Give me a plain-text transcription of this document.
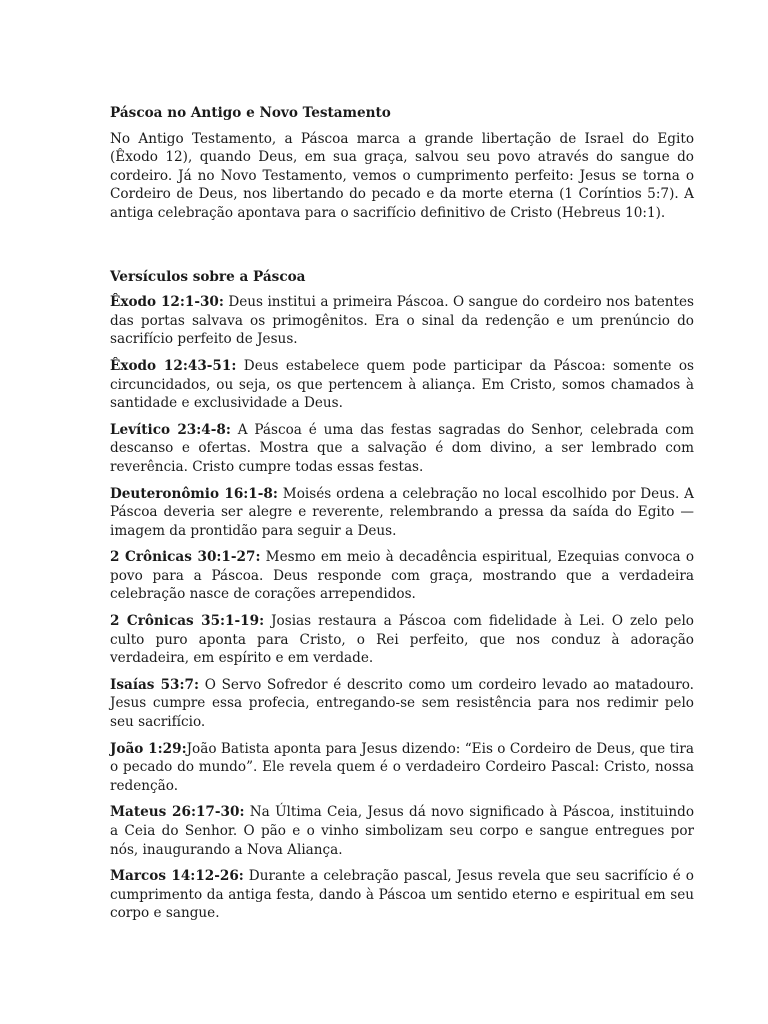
Páscoa no Antigo e Novo Testamento

No Antigo Testamento, a Páscoa marca a grande libertação de Israel do Egito (Êxodo 12), quando Deus, em sua graça, salvou seu povo através do sangue do cordeiro. Já no Novo Testamento, vemos o cumprimento perfeito: Jesus se torna o Cordeiro de Deus, nos libertando do pecado e da morte eterna (1 Coríntios 5:7). A antiga celebração apontava para o sacrifício definitivo de Cristo (Hebreus 10:1).

Versículos sobre a Páscoa

Êxodo 12:1-30: Deus institui a primeira Páscoa. O sangue do cordeiro nos batentes das portas salvava os primogênitos. Era o sinal da redenção e um prenúncio do sacrifício perfeito de Jesus.

Êxodo 12:43-51: Deus estabelece quem pode participar da Páscoa: somente os circuncidados, ou seja, os que pertencem à aliança. Em Cristo, somos chamados à santidade e exclusividade a Deus.

Levítico 23:4-8: A Páscoa é uma das festas sagradas do Senhor, celebrada com descanso e ofertas. Mostra que a salvação é dom divino, a ser lembrado com reverência. Cristo cumpre todas essas festas.

Deuteronômio 16:1-8: Moisés ordena a celebração no local escolhido por Deus. A Páscoa deveria ser alegre e reverente, relembrando a pressa da saída do Egito — imagem da prontidão para seguir a Deus.

2 Crônicas 30:1-27: Mesmo em meio à decadência espiritual, Ezequias convoca o povo para a Páscoa. Deus responde com graça, mostrando que a verdadeira celebração nasce de corações arrependidos.

2 Crônicas 35:1-19: Josias restaura a Páscoa com fidelidade à Lei. O zelo pelo culto puro aponta para Cristo, o Rei perfeito, que nos conduz à adoração verdadeira, em espírito e em verdade.

Isaías 53:7: O Servo Sofredor é descrito como um cordeiro levado ao matadouro. Jesus cumpre essa profecia, entregando-se sem resistência para nos redimir pelo seu sacrifício.

João 1:29:João Batista aponta para Jesus dizendo: “Eis o Cordeiro de Deus, que tira o pecado do mundo”. Ele revela quem é o verdadeiro Cordeiro Pascal: Cristo, nossa redenção.

Mateus 26:17-30: Na Última Ceia, Jesus dá novo significado à Páscoa, instituindo a Ceia do Senhor. O pão e o vinho simbolizam seu corpo e sangue entregues por nós, inaugurando a Nova Aliança.

Marcos 14:12-26: Durante a celebração pascal, Jesus revela que seu sacrifício é o cumprimento da antiga festa, dando à Páscoa um sentido eterno e espiritual em seu corpo e sangue.
